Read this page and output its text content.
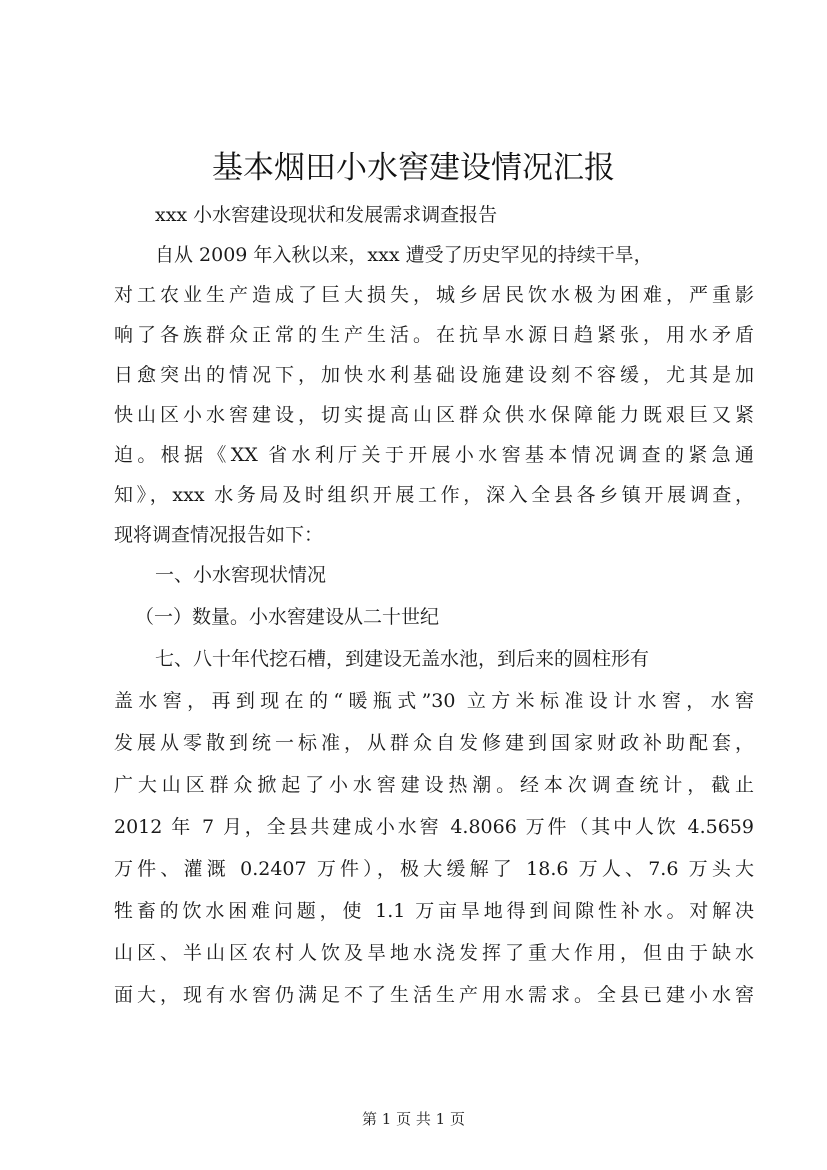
基本烟田小水窖建设情况汇报
xxx 小水窖建设现状和发展需求调查报告
自从 2009 年入秋以来，xxx 遭受了历史罕见的持续干旱，
对工农业生产造成了巨大损失，城乡居民饮水极为困难，严重影
响了各族群众正常的生产生活。在抗旱水源日趋紧张，用水矛盾
日愈突出的情况下，加快水利基础设施建设刻不容缓，尤其是加
快山区小水窖建设，切实提高山区群众供水保障能力既艰巨又紧
迫。根据《XX 省水利厅关于开展小水窖基本情况调查的紧急通
知》，xxx 水务局及时组织开展工作，深入全县各乡镇开展调查，
现将调查情况报告如下：
一、小水窖现状情况
（一）数量。小水窖建设从二十世纪
七、八十年代挖石槽，到建设无盖水池，到后来的圆柱形有
盖水窖，再到现在的“暖瓶式”30 立方米标准设计水窖，水窖
发展从零散到统一标准，从群众自发修建到国家财政补助配套，
广大山区群众掀起了小水窖建设热潮。经本次调查统计，截止
2012 年 7 月，全县共建成小水窖 4.8066 万件（其中人饮 4.5659
万件、灌溉 0.2407 万件），极大缓解了 18.6 万人、7.6 万头大
牲畜的饮水困难问题，使 1.1 万亩旱地得到间隙性补水。对解决
山区、半山区农村人饮及旱地水浇发挥了重大作用，但由于缺水
面大，现有水窖仍满足不了生活生产用水需求。全县已建小水窖
第 1 页 共 1 页
